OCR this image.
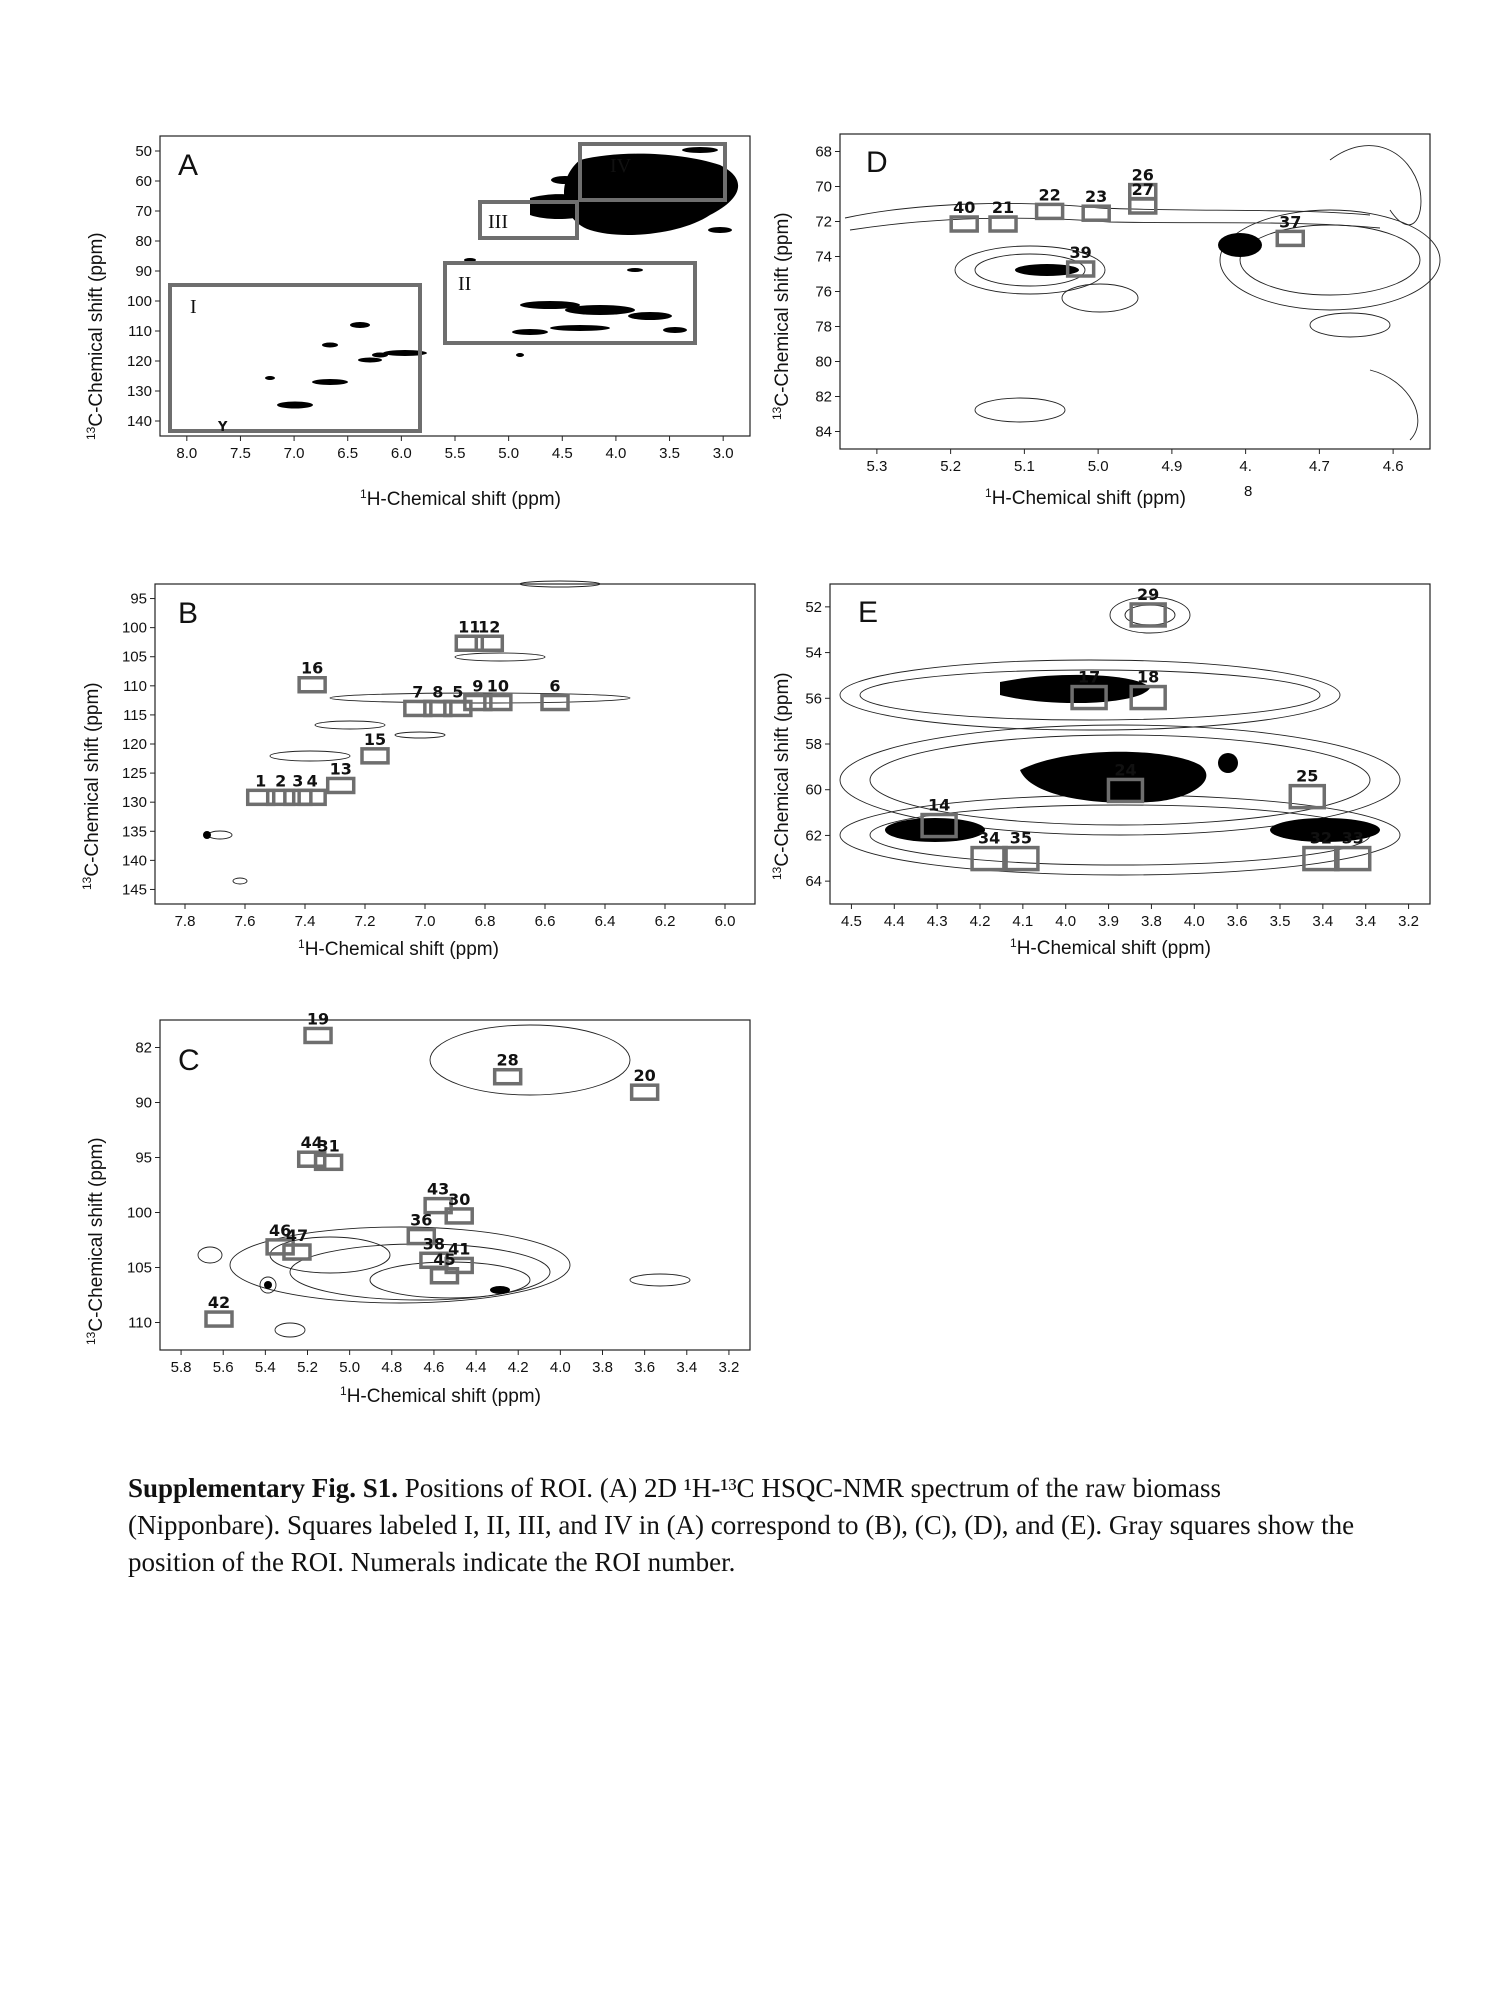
A
I
II
III
IV
Y
8.0 7.5 7.0 6.5 6.0 5.5 5.0 4.5 4.0 3.5 3.0
50
60
70
80
90
100
110
120
130
140
$^1$H-Chemical shift (ppm)
$^{13}$C-Chemical shift (ppm)
D
40 21
22 23
26
27
37
39
5.3	5.2	5.1	5.0	4.9	4.	4.7	4.6
68
70
72
74
76
78
80
82
84
8
$^1$H-Chemical shift (ppm)
$^{13}$C-Chemical shift (ppm)
B
1 2 3 4
13
15
16
7 8 5 9 10	6
11
12
7.8	7.6	7.4	7.2	7.0	6.8	6.6	6.4	6.2	6.0
95
100
105
110
115
120
125
130
135
140
145
$^1$H-Chemical shift (ppm)
$^{13}$C-Chemical shift (ppm)
E
29
17 18
24	25
14
34 35	32 33
4.5 4.4 4.3 4.2 4.1 4.0 3.9 3.8 4.0 3.6 3.5 3.4 3.4 3.2
52
54
56
58
60
62
64
$^1$H-Chemical shift (ppm)
$^{13}$C-Chemical shift (ppm)
C
19
28
20
44
31
43
30
36
46
47	38 41
45
42
5.8 5.6 5.4 5.2 5.0 4.8 4.6 4.4 4.2 4.0 3.8 3.6 3.4 3.2
82
90
95
100
105
110
$^1$H-Chemical shift (ppm)
$^{13}$C-Chemical shift (ppm)
Supplementary Fig. S1. Positions of ROI. (A) 2D ¹H-¹³C HSQC-NMR spectrum of the raw biomass (Nipponbare). Squares labeled I, II, III, and IV in (A) correspond to (B), (C), (D), and (E). Gray squares show the position of the ROI. Numerals indicate the ROI number.
